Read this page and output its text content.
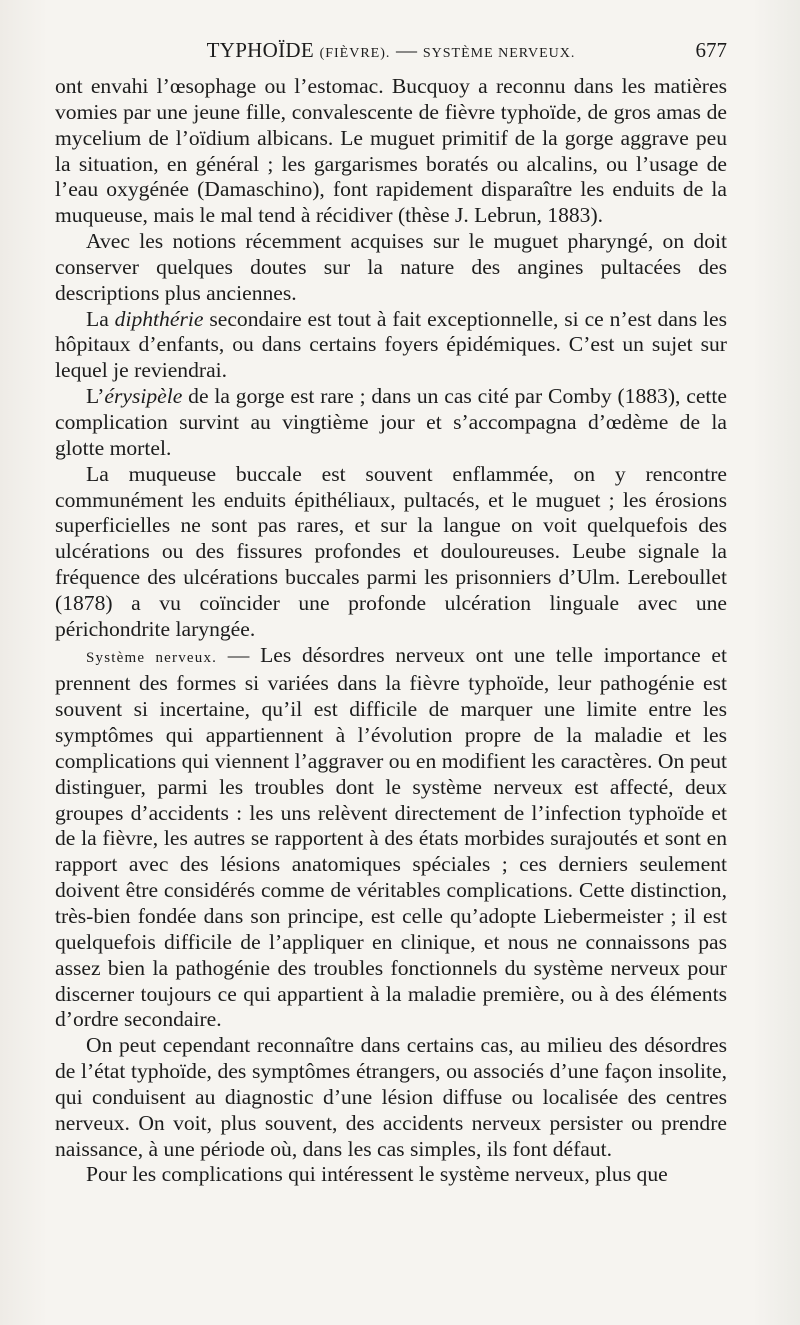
TYPHOÏDE (FIÈVRE). — SYSTÈME NERVEUX.	677

ont envahi l’œsophage ou l’estomac. Bucquoy a reconnu dans les matières vomies par une jeune fille, convalescente de fièvre typhoïde, de gros amas de mycelium de l’oïdium albicans. Le muguet primitif de la gorge aggrave peu la situation, en général ; les gargarismes boratés ou alcalins, ou l’usage de l’eau oxygénée (Damaschino), font rapidement disparaître les enduits de la muqueuse, mais le mal tend à récidiver (thèse J. Lebrun, 1883).

Avec les notions récemment acquises sur le muguet pharyngé, on doit conserver quelques doutes sur la nature des angines pultacées des descriptions plus anciennes.

La diphthérie secondaire est tout à fait exceptionnelle, si ce n’est dans les hôpitaux d’enfants, ou dans certains foyers épidémiques. C’est un sujet sur lequel je reviendrai.

L’érysipèle de la gorge est rare ; dans un cas cité par Comby (1883), cette complication survint au vingtième jour et s’accompagna d’œdème de la glotte mortel.

La muqueuse buccale est souvent enflammée, on y rencontre communément les enduits épithéliaux, pultacés, et le muguet ; les érosions superficielles ne sont pas rares, et sur la langue on voit quelquefois des ulcérations ou des fissures profondes et douloureuses. Leube signale la fréquence des ulcérations buccales parmi les prisonniers d’Ulm. Lereboullet (1878) a vu coïncider une profonde ulcération linguale avec une périchondrite laryngée.

Système nerveux. — Les désordres nerveux ont une telle importance et prennent des formes si variées dans la fièvre typhoïde, leur pathogénie est souvent si incertaine, qu’il est difficile de marquer une limite entre les symptômes qui appartiennent à l’évolution propre de la maladie et les complications qui viennent l’aggraver ou en modifient les caractères. On peut distinguer, parmi les troubles dont le système nerveux est affecté, deux groupes d’accidents : les uns relèvent directement de l’infection typhoïde et de la fièvre, les autres se rapportent à des états morbides surajoutés et sont en rapport avec des lésions anatomiques spéciales ; ces derniers seulement doivent être considérés comme de véritables complications. Cette distinction, très-bien fondée dans son principe, est celle qu’adopte Liebermeister ; il est quelquefois difficile de l’appliquer en clinique, et nous ne connaissons pas assez bien la pathogénie des troubles fonctionnels du système nerveux pour discerner toujours ce qui appartient à la maladie première, ou à des éléments d’ordre secondaire.

On peut cependant reconnaître dans certains cas, au milieu des désordres de l’état typhoïde, des symptômes étrangers, ou associés d’une façon insolite, qui conduisent au diagnostic d’une lésion diffuse ou localisée des centres nerveux. On voit, plus souvent, des accidents nerveux persister ou prendre naissance, à une période où, dans les cas simples, ils font défaut.

Pour les complications qui intéressent le système nerveux, plus que
